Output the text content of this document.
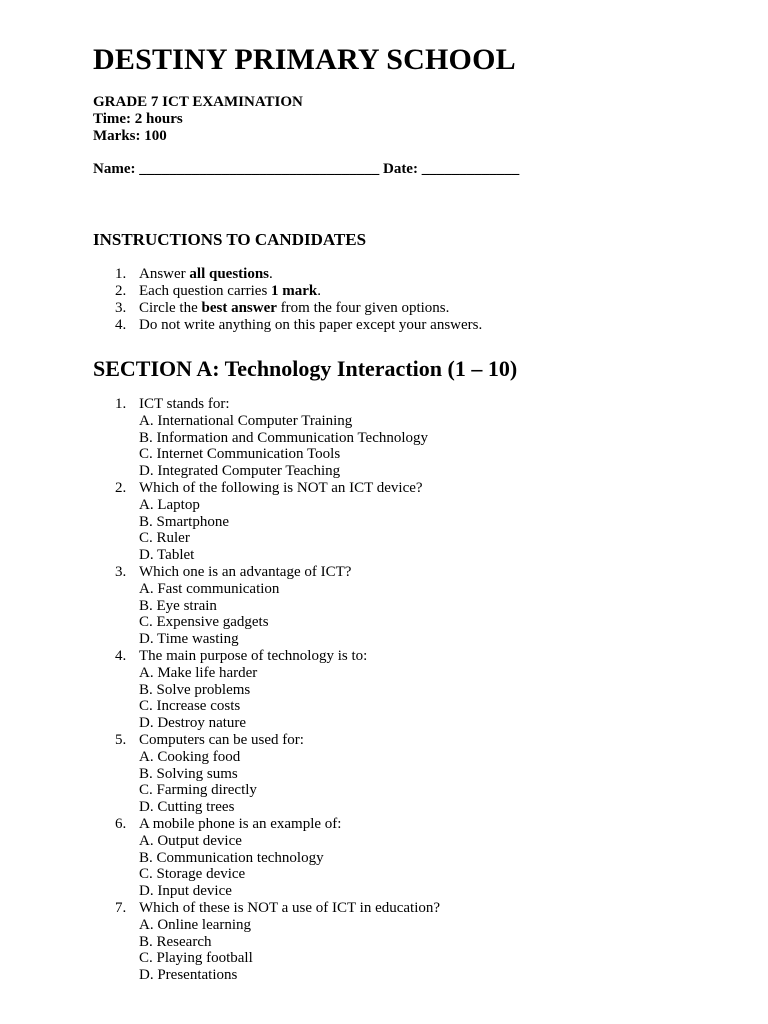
DESTINY PRIMARY SCHOOL
GRADE 7 ICT EXAMINATION
Time: 2 hours
Marks: 100
Name: ________________________________ Date: _____________
INSTRUCTIONS TO CANDIDATES
1. Answer all questions.
2. Each question carries 1 mark.
3. Circle the best answer from the four given options.
4. Do not write anything on this paper except your answers.
SECTION A: Technology Interaction (1 – 10)
1. ICT stands for:
A. International Computer Training
B. Information and Communication Technology
C. Internet Communication Tools
D. Integrated Computer Teaching
2. Which of the following is NOT an ICT device?
A. Laptop
B. Smartphone
C. Ruler
D. Tablet
3. Which one is an advantage of ICT?
A. Fast communication
B. Eye strain
C. Expensive gadgets
D. Time wasting
4. The main purpose of technology is to:
A. Make life harder
B. Solve problems
C. Increase costs
D. Destroy nature
5. Computers can be used for:
A. Cooking food
B. Solving sums
C. Farming directly
D. Cutting trees
6. A mobile phone is an example of:
A. Output device
B. Communication technology
C. Storage device
D. Input device
7. Which of these is NOT a use of ICT in education?
A. Online learning
B. Research
C. Playing football
D. Presentations
